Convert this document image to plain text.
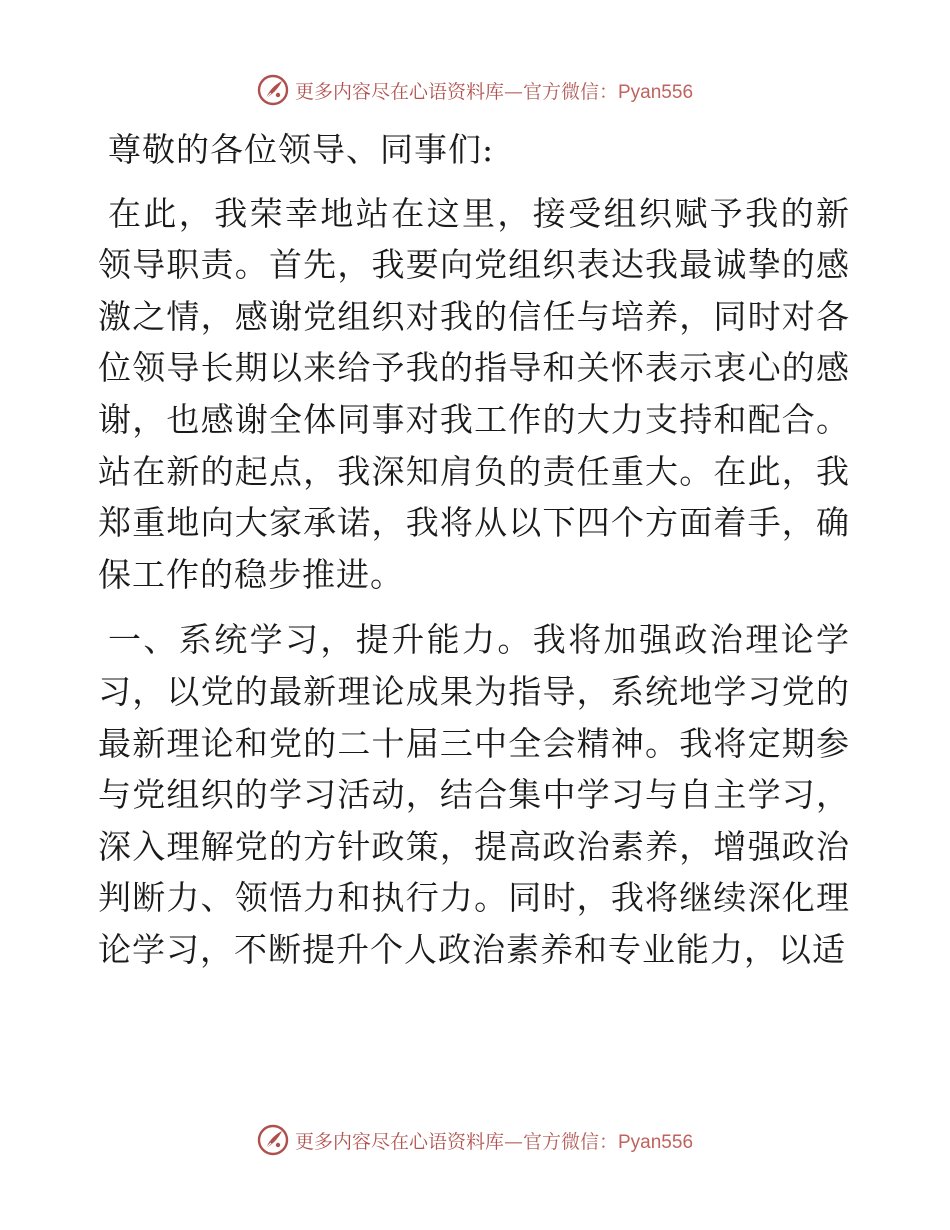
更多内容尽在心语资料库—官方微信：Pyan556

尊敬的各位领导、同事们:

在此，我荣幸地站在这里，接受组织赋予我的新领导职责。首先，我要向党组织表达我最诚挚的感激之情，感谢党组织对我的信任与培养，同时对各位领导长期以来给予我的指导和关怀表示衷心的感谢，也感谢全体同事对我工作的大力支持和配合。站在新的起点，我深知肩负的责任重大。在此，我郑重地向大家承诺，我将从以下四个方面着手，确保工作的稳步推进。

一、系统学习，提升能力。我将加强政治理论学习，以党的最新理论成果为指导，系统地学习党的最新理论和党的二十届三中全会精神。我将定期参与党组织的学习活动，结合集中学习与自主学习，深入理解党的方针政策，提高政治素养，增强政治判断力、领悟力和执行力。同时，我将继续深化理论学习，不断提升个人政治素养和专业能力，以适

更多内容尽在心语资料库—官方微信：Pyan556
